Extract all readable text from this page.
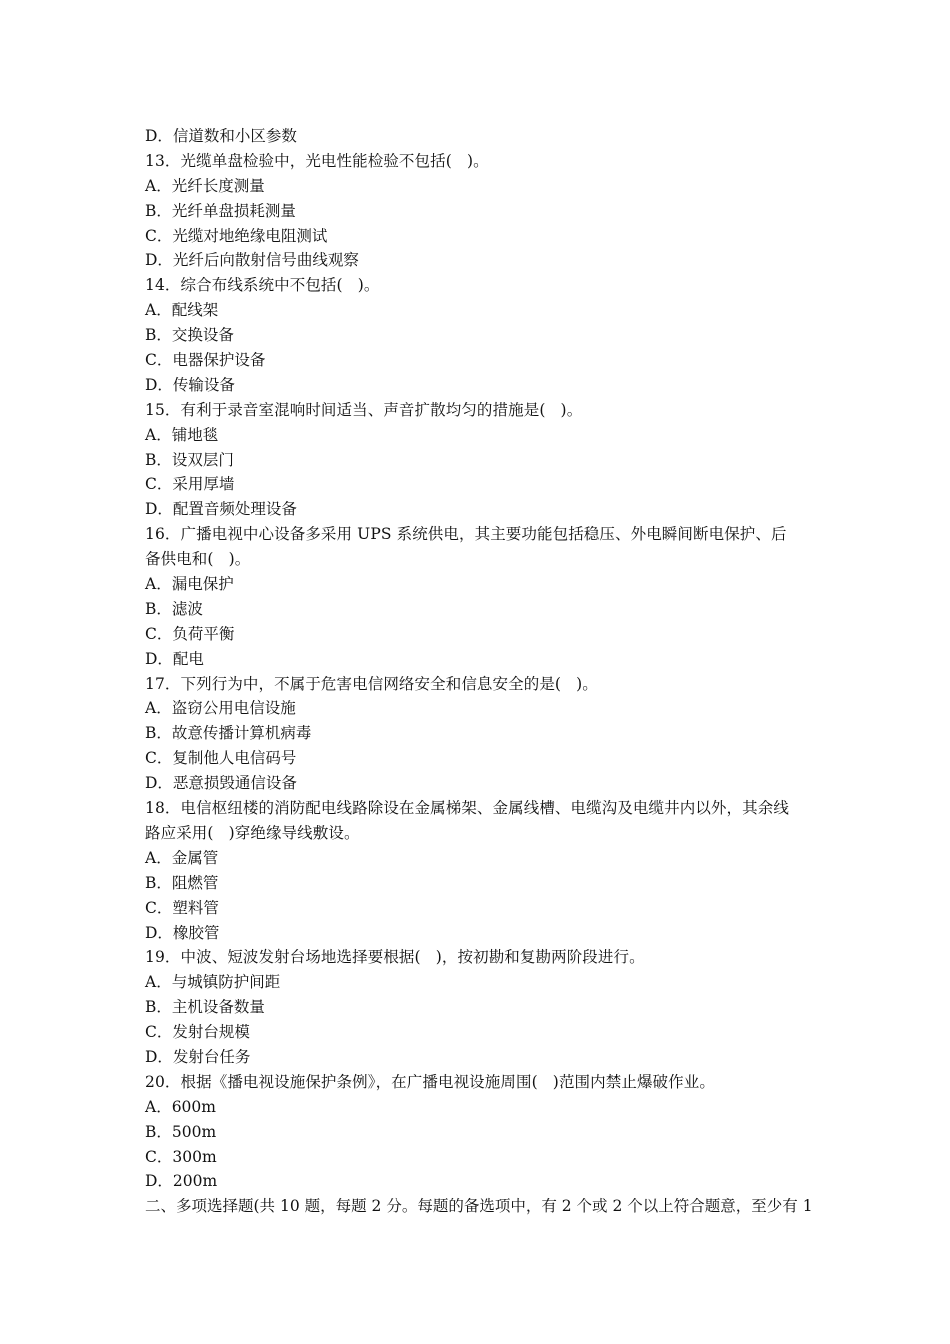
D．信道数和小区参数
13．光缆单盘检验中，光电性能检验不包括(   )。
A．光纤长度测量
B．光纤单盘损耗测量
C．光缆对地绝缘电阻测试
D．光纤后向散射信号曲线观察
14．综合布线系统中不包括(   )。
A．配线架
B．交换设备
C．电器保护设备
D．传输设备
15．有利于录音室混响时间适当、声音扩散均匀的措施是(   )。
A．铺地毯
B．设双层门
C．采用厚墙
D．配置音频处理设备
16．广播电视中心设备多采用 UPS 系统供电，其主要功能包括稳压、外电瞬间断电保护、后
备供电和(   )。
A．漏电保护
B．滤波
C．负荷平衡
D．配电
17．下列行为中，不属于危害电信网络安全和信息安全的是(   )。
A．盗窃公用电信设施
B．故意传播计算机病毒
C．复制他人电信码号
D．恶意损毁通信设备
18．电信枢纽楼的消防配电线路除设在金属梯架、金属线槽、电缆沟及电缆井内以外，其余线
路应采用(   )穿绝缘导线敷设。
A．金属管
B．阻燃管
C．塑料管
D．橡胶管
19．中波、短波发射台场地选择要根据(   )，按初勘和复勘两阶段进行。
A．与城镇防护间距
B．主机设备数量
C．发射台规模
D．发射台任务
20．根据《播电视设施保护条例》，在广播电视设施周围(   )范围内禁止爆破作业。
A．600m
B．500m
C．300m
D．200m
二、多项选择题(共 10 题，每题 2 分。每题的备选项中，有 2 个或 2 个以上符合题意，至少有 1
